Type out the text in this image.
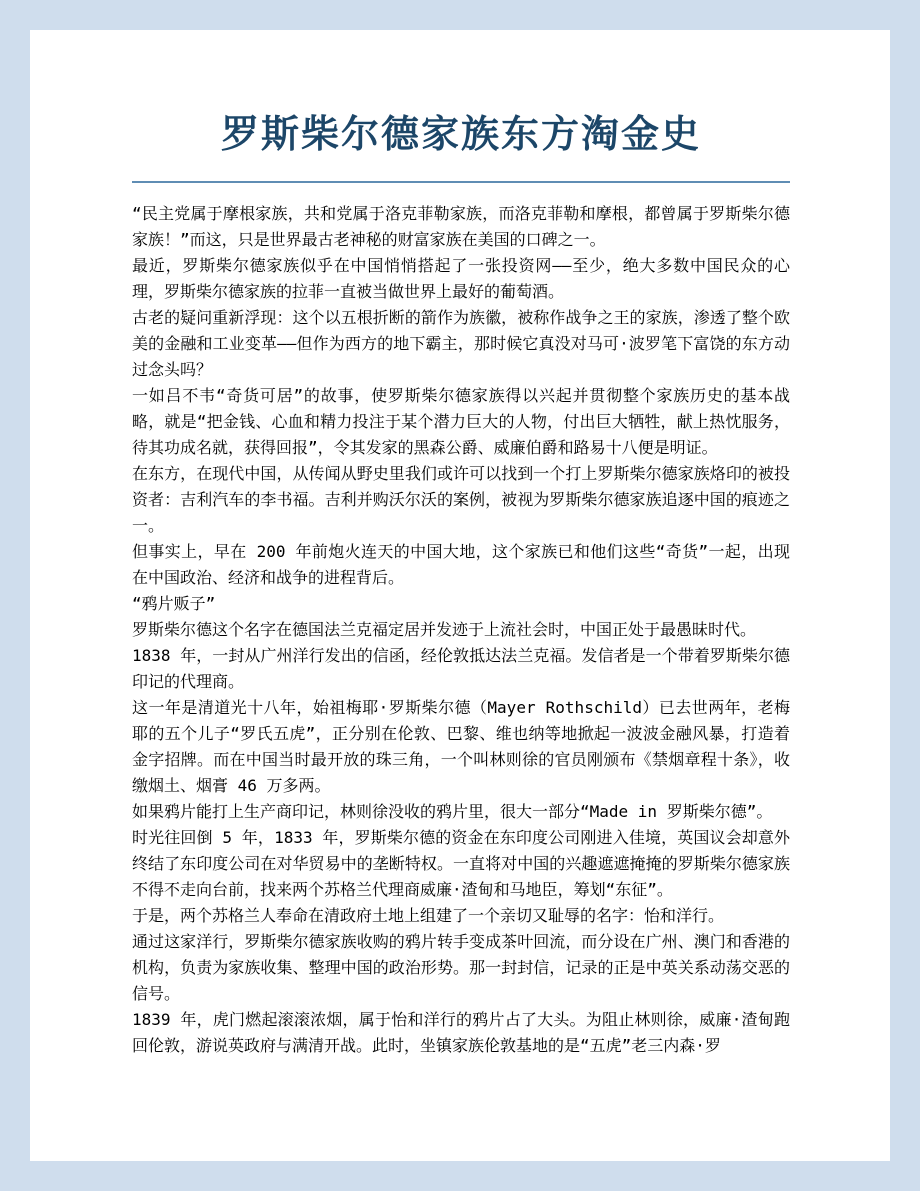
罗斯柴尔德家族东方淘金史

“民主党属于摩根家族，共和党属于洛克菲勒家族，而洛克菲勒和摩根，都曾属于罗斯柴尔德家族！”而这，只是世界最古老神秘的财富家族在美国的口碑之一。

最近，罗斯柴尔德家族似乎在中国悄悄搭起了一张投资网——至少，绝大多数中国民众的心理，罗斯柴尔德家族的拉菲一直被当做世界上最好的葡萄酒。

古老的疑问重新浮现：这个以五根折断的箭作为族徽，被称作战争之王的家族，渗透了整个欧美的金融和工业变革——但作为西方的地下霸主，那时候它真没对马可·波罗笔下富饶的东方动过念头吗？

一如吕不韦“奇货可居”的故事，使罗斯柴尔德家族得以兴起并贯彻整个家族历史的基本战略，就是“把金钱、心血和精力投注于某个潜力巨大的人物，付出巨大牺牲，献上热忱服务，待其功成名就，获得回报”，令其发家的黑森公爵、威廉伯爵和路易十八便是明证。

在东方，在现代中国，从传闻从野史里我们或许可以找到一个打上罗斯柴尔德家族烙印的被投资者：吉利汽车的李书福。吉利并购沃尔沃的案例，被视为罗斯柴尔德家族追逐中国的痕迹之一。

但事实上，早在 200 年前炮火连天的中国大地，这个家族已和他们这些“奇货”一起，出现在中国政治、经济和战争的进程背后。

“鸦片贩子”

罗斯柴尔德这个名字在德国法兰克福定居并发迹于上流社会时，中国正处于最愚昧时代。

1838 年，一封从广州洋行发出的信函，经伦敦抵达法兰克福。发信者是一个带着罗斯柴尔德印记的代理商。

这一年是清道光十八年，始祖梅耶·罗斯柴尔德（Mayer Rothschild）已去世两年，老梅耶的五个儿子“罗氏五虎”，正分别在伦敦、巴黎、维也纳等地掀起一波波金融风暴，打造着金字招牌。而在中国当时最开放的珠三角，一个叫林则徐的官员刚颁布《禁烟章程十条》，收缴烟土、烟膏 46 万多两。

如果鸦片能打上生产商印记，林则徐没收的鸦片里，很大一部分“Made in 罗斯柴尔德”。

时光往回倒 5 年，1833 年，罗斯柴尔德的资金在东印度公司刚进入佳境，英国议会却意外终结了东印度公司在对华贸易中的垄断特权。一直将对中国的兴趣遮遮掩掩的罗斯柴尔德家族不得不走向台前，找来两个苏格兰代理商威廉·渣甸和马地臣，筹划“东征”。

于是，两个苏格兰人奉命在清政府土地上组建了一个亲切又耻辱的名字：怡和洋行。

通过这家洋行，罗斯柴尔德家族收购的鸦片转手变成茶叶回流，而分设在广州、澳门和香港的机构，负责为家族收集、整理中国的政治形势。那一封封信，记录的正是中英关系动荡交恶的信号。

1839 年，虎门燃起滚滚浓烟，属于怡和洋行的鸦片占了大头。为阻止林则徐，威廉·渣甸跑回伦敦，游说英政府与满清开战。此时，坐镇家族伦敦基地的是“五虎”老三内森·罗
